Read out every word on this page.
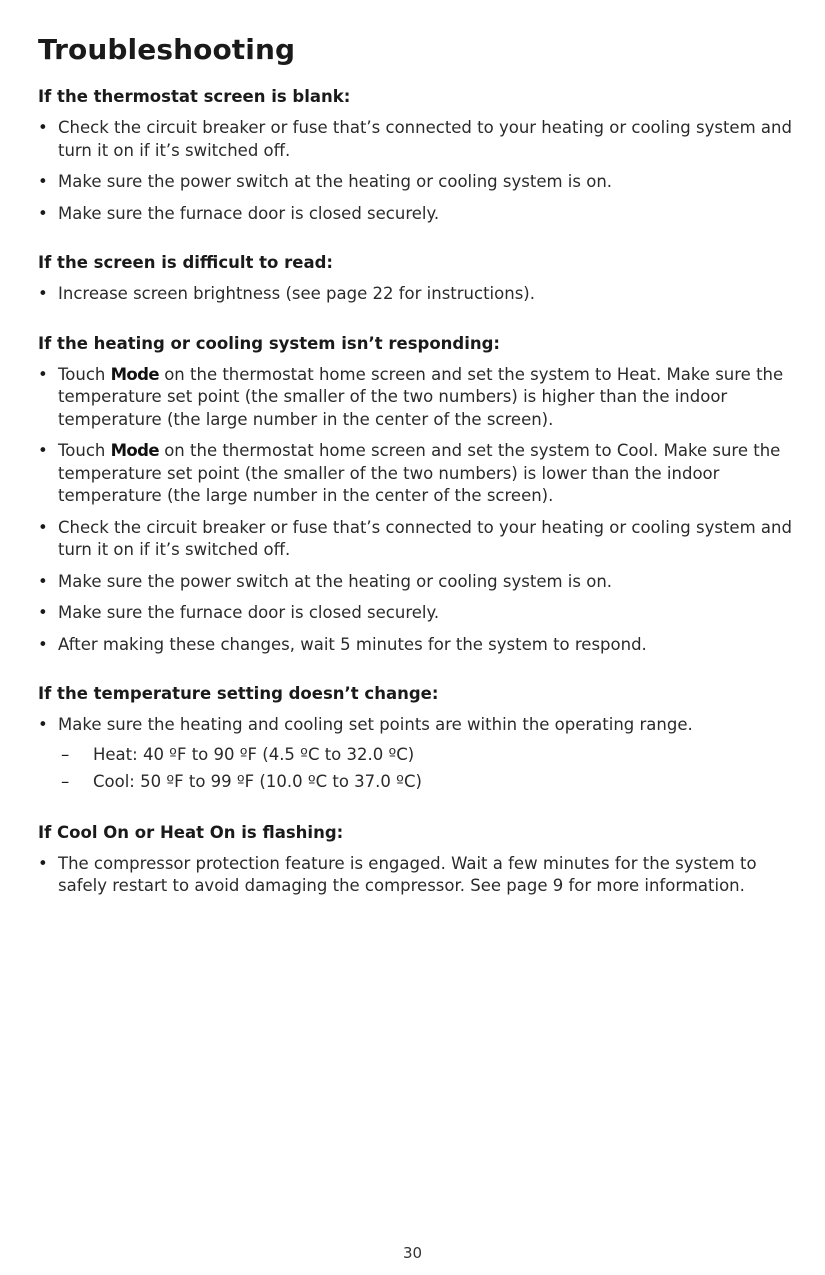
Troubleshooting
If the thermostat screen is blank:
• Check the circuit breaker or fuse that’s connected to your heating or cooling system and turn it on if it’s switched off.
• Make sure the power switch at the heating or cooling system is on.
• Make sure the furnace door is closed securely.
If the screen is difficult to read:
• Increase screen brightness (see page 22 for instructions).
If the heating or cooling system isn’t responding:
• Touch Mode on the thermostat home screen and set the system to Heat. Make sure the temperature set point (the smaller of the two numbers) is higher than the indoor temperature (the large number in the center of the screen).
• Touch Mode on the thermostat home screen and set the system to Cool. Make sure the temperature set point (the smaller of the two numbers) is lower than the indoor temperature (the large number in the center of the screen).
• Check the circuit breaker or fuse that’s connected to your heating or cooling system and turn it on if it’s switched off.
• Make sure the power switch at the heating or cooling system is on.
• Make sure the furnace door is closed securely.
• After making these changes, wait 5 minutes for the system to respond.
If the temperature setting doesn’t change:
• Make sure the heating and cooling set points are within the operating range.
– Heat: 40 ºF to 90 ºF (4.5 ºC to 32.0 ºC)
– Cool: 50 ºF to 99 ºF (10.0 ºC to 37.0 ºC)
If Cool On or Heat On is flashing:
• The compressor protection feature is engaged. Wait a few minutes for the system to safely restart to avoid damaging the compressor. See page 9 for more information.
30
